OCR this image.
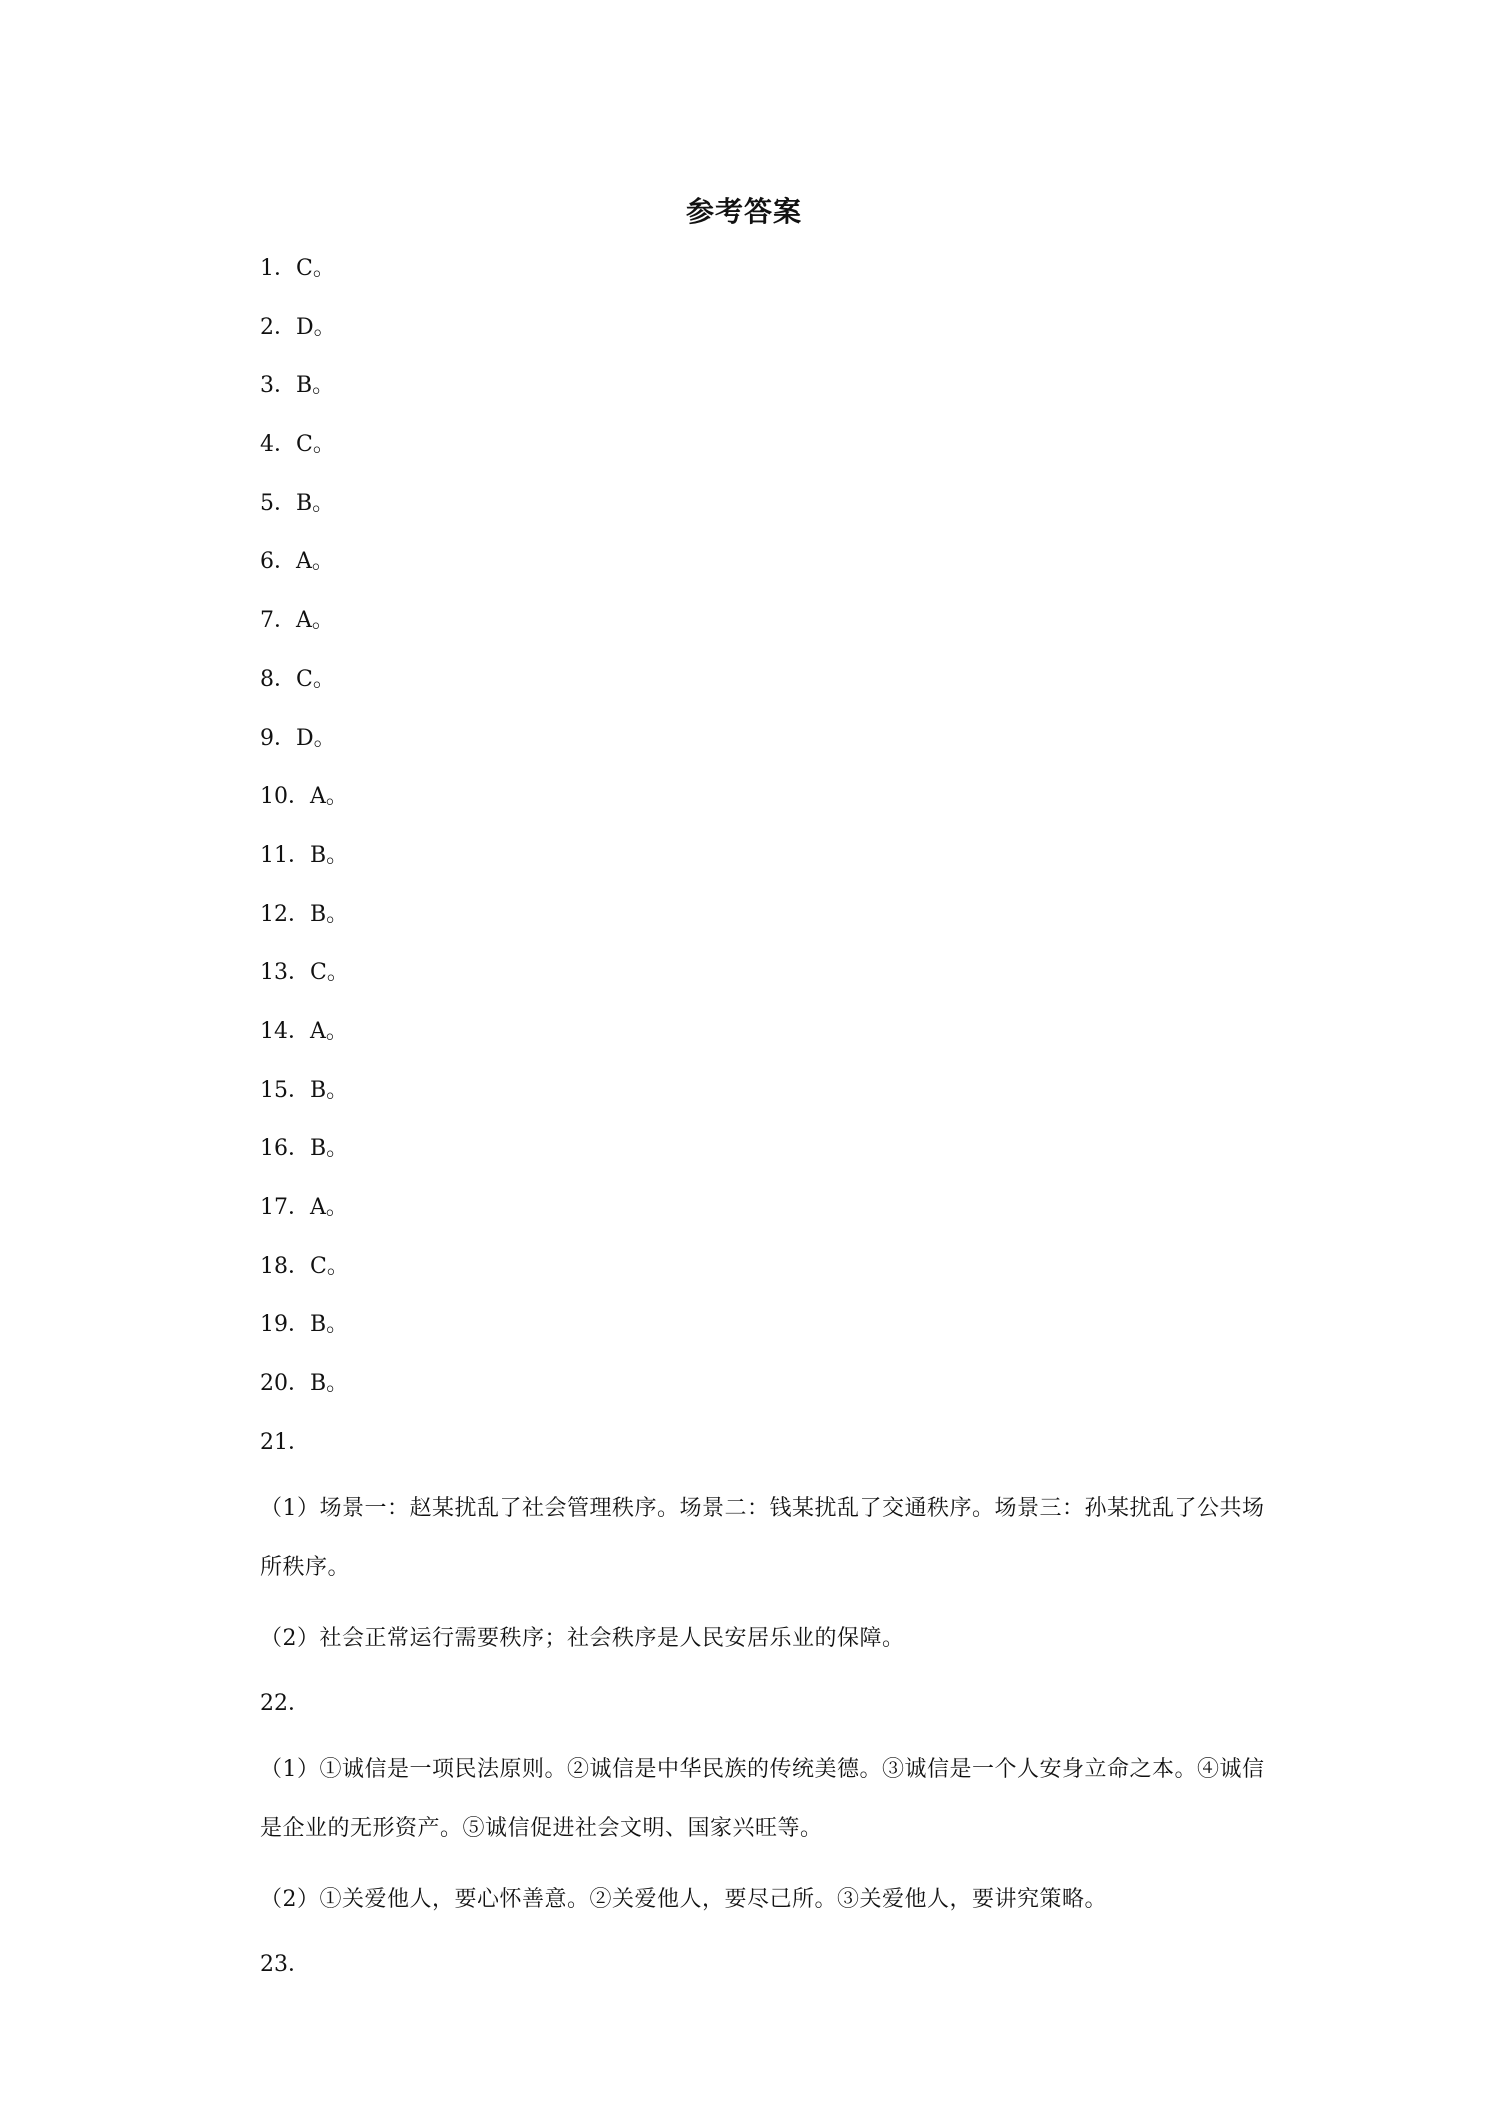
参考答案
1．C。
2．D。
3．B。
4．C。
5．B。
6．A。
7．A。
8．C。
9．D。
10．A。
11．B。
12．B。
13．C。
14．A。
15．B。
16．B。
17．A。
18．C。
19．B。
20．B。
21．

（1）场景一：赵某扰乱了社会管理秩序。场景二：钱某扰乱了交通秩序。场景三：孙某扰乱了公共场所秩序。

（2）社会正常运行需要秩序；社会秩序是人民安居乐业的保障。

22．

（1）①诚信是一项民法原则。②诚信是中华民族的传统美德。③诚信是一个人安身立命之本。④诚信是企业的无形资产。⑤诚信促进社会文明、国家兴旺等。

（2）①关爱他人，要心怀善意。②关爱他人，要尽己所。③关爱他人，要讲究策略。

23．
